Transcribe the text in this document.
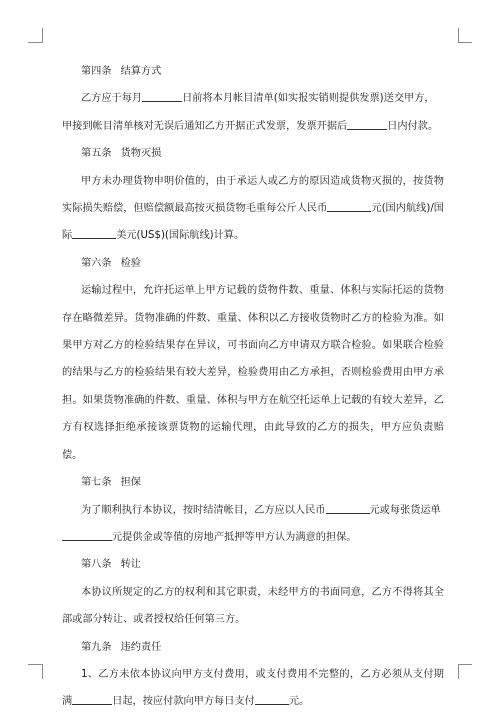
第四条 结算方式
乙方应于每月	日前将本月帐目清单(如实报实销则提供发票)送交甲方，
甲接到帐目清单核对无误后通知乙方开据正式发票，发票开据后	日内付款。
第五条 货物灭损
甲方未办理货物申明价值的，由于承运人或乙方的原因造成货物灭损的，按货物实际损失赔偿，但赔偿额最高按灭损货物毛重每公斤人民币	元(国内航线)/国际	美元(US$)(国际航线)计算。
第六条 检验
运输过程中，允许托运单上甲方记载的货物件数、重量、体积与实际托运的货物存在略微差异。货物准确的件数、重量、体积以乙方接收货物时乙方的检验为准。如果甲方对乙方的检验结果存在异议，可书面向乙方申请双方联合检验。如果联合检验的结果与乙方的检验结果有较大差异，检验费用由乙方承担，否则检验费用由甲方承担。如果货物准确的件数、重量、体积与甲方在航空托运单上记载的有较大差异，乙方有权选择拒绝承接该票货物的运输代理，由此导致的乙方的损失，甲方应负责赔偿。
第七条 担保
为了顺利执行本协议，按时结清帐目，乙方应以人民币	元或每张货运单
元提供金或等值的房地产抵押等甲方认为满意的担保。
第八条 转让
本协议所规定的乙方的权利和其它职责，未经甲方的书面同意，乙方不得将其全部或部分转让、或者授权给任何第三方。
第九条 违约责任
1、乙方未依本协议向甲方支付费用，或支付费用不完整的，乙方必须从支付期满	日起，按应付款向甲方每日支付	元。
